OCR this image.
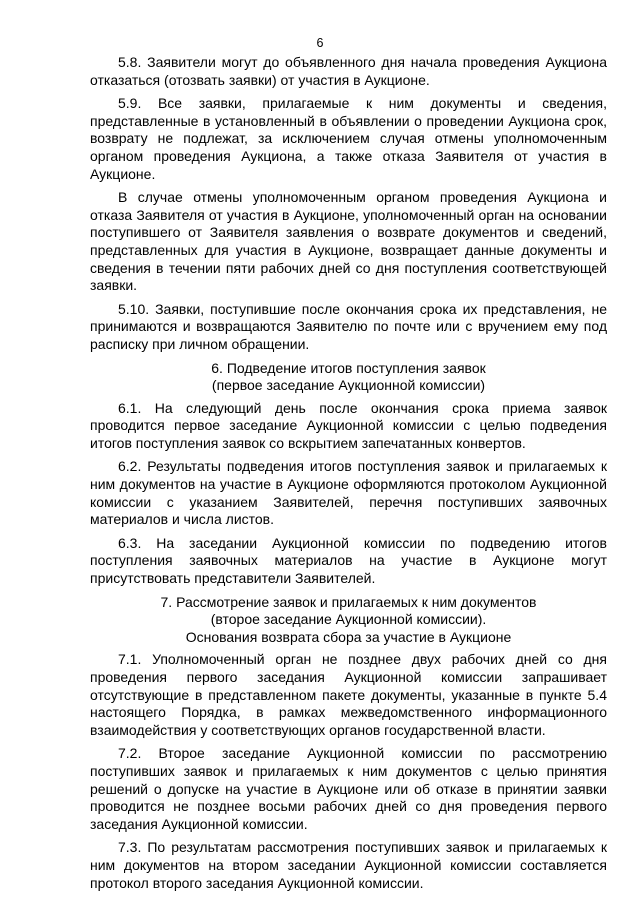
6

5.8. Заявители могут до объявленного дня начала проведения Аукциона отказаться (отозвать заявки) от участия в Аукционе.

5.9. Все заявки, прилагаемые к ним документы и сведения, представленные в установленный в объявлении о проведении Аукциона срок, возврату не подлежат, за исключением случая отмены уполномоченным органом проведения Аукциона, а также отказа Заявителя от участия в Аукционе.

В случае отмены уполномоченным органом проведения Аукциона и отказа Заявителя от участия в Аукционе, уполномоченный орган на основании поступившего от Заявителя заявления о возврате документов и сведений, представленных для участия в Аукционе, возвращает данные документы и сведения в течении пяти рабочих дней со дня поступления соответствующей заявки.

5.10. Заявки, поступившие после окончания срока их представления, не принимаются и возвращаются Заявителю по почте или с вручением ему под расписку при личном обращении.

6. Подведение итогов поступления заявок
(первое заседание Аукционной комиссии)

6.1. На следующий день после окончания срока приема заявок проводится первое заседание Аукционной комиссии с целью подведения итогов поступления заявок со вскрытием запечатанных конвертов.

6.2. Результаты подведения итогов поступления заявок и прилагаемых к ним документов на участие в Аукционе оформляются протоколом Аукционной комиссии с указанием Заявителей, перечня поступивших заявочных материалов и числа листов.

6.3. На заседании Аукционной комиссии по подведению итогов поступления заявочных материалов на участие в Аукционе могут присутствовать представители Заявителей.

7. Рассмотрение заявок и прилагаемых к ним документов
(второе заседание Аукционной комиссии).
Основания возврата сбора за участие в Аукционе

7.1. Уполномоченный орган не позднее двух рабочих дней со дня проведения первого заседания Аукционной комиссии запрашивает отсутствующие в представленном пакете документы, указанные в пункте 5.4 настоящего Порядка, в рамках межведомственного информационного взаимодействия у соответствующих органов государственной власти.

7.2. Второе заседание Аукционной комиссии по рассмотрению поступивших заявок и прилагаемых к ним документов с целью принятия решений о допуске на участие в Аукционе или об отказе в принятии заявки проводится не позднее восьми рабочих дней со дня проведения первого заседания Аукционной комиссии.

7.3. По результатам рассмотрения поступивших заявок и прилагаемых к ним документов на втором заседании Аукционной комиссии составляется протокол второго заседания Аукционной комиссии.
